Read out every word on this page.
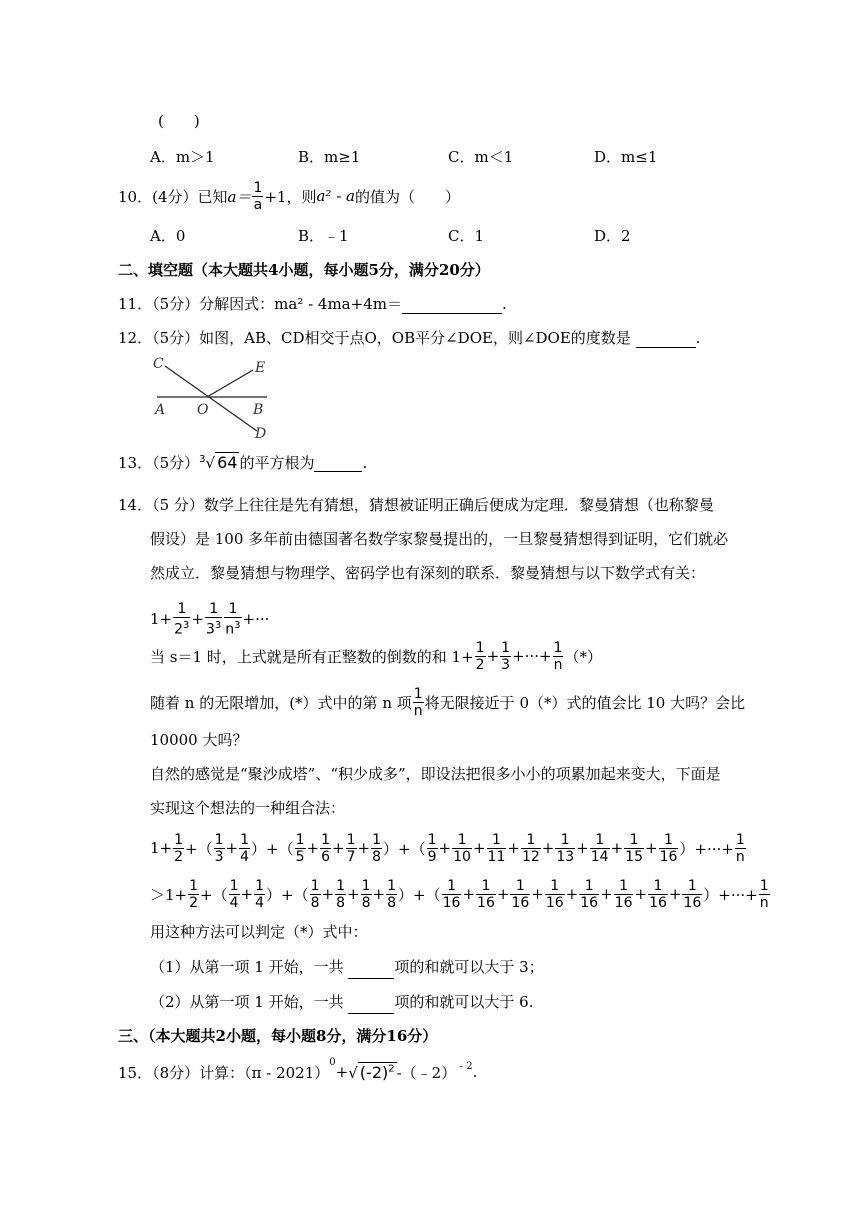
(　　)
A．m＞1	B．m≥1	C．m＜1	D．m≤1
10．(4分）已知 $a= \frac{1}{a} +1$，则 a² - a 的值为（　　）
A．0	B．﹣1	C．1	D．2
二、填空题（本大题共4小题，每小题5分，满分20分）
11．（5分）分解因式：ma² - 4ma+4m＝	.
12．（5分）如图，AB、CD相交于点O，OB平分∠DOE，则∠DOE的度数是	.
C	E
A O	B
D
13．（5分） $^3$√ 64 的平方根为
	.
14．（5 分）数学上往往是先有猜想，猜想被证明正确后便成为定理．黎曼猜想（也称黎曼
假设）是 100 多年前由德国著名数学家黎曼提出的，一旦黎曼猜想得到证明，它们就必
然成立．黎曼猜想与物理学、密码学也有深刻的联系．黎曼猜想与以下数学式有关：
$1+ \frac{1}{2^3} + \frac{1}{3^3} \frac{1}{n^3}$ +···
当 s＝1 时，上式就是所有正整数的倒数的和 $1+ \frac{1}{2} + \frac{1}{3}$ +···+ $\frac{1}{n}$ （*）
随着 n 的无限增加，(*）式中的第 n 项 $\frac{1}{n}$ 将无限接近于 0（*）式的值会比 10 大吗？会比
10000 大吗？
自然的感觉是“聚沙成塔”、“积少成多”，即设法把很多小小的项累加起来变大，下面是
实现这个想法的一种组合法：
$1+ \frac{1}{2}$ +（ $\frac{1}{3} + \frac{1}{4}$ ）+（ $\frac{1}{5} + \frac{1}{6} + \frac{1}{7} + \frac{1}{8}$ ）+（ $\frac{1}{9} + \frac{1}{10} + \frac{1}{11} + \frac{1}{12} + \frac{1}{13} + \frac{1}{14} + \frac{1}{15} + \frac{1}{16}$ ）+···+ $\frac{1}{n}$
$>1+ \frac{1}{2}$ +（ $\frac{1}{4} + \frac{1}{4}$ ）+（ $\frac{1}{8} + \frac{1}{8} + \frac{1}{8} + \frac{1}{8}$ ）+（ $\frac{1}{16} + \frac{1}{16} + \frac{1}{16} + \frac{1}{16} + \frac{1}{16} + \frac{1}{16} + \frac{1}{16} + \frac{1}{16}$ ）+···+ $\frac{1}{n}$
用这种方法可以判定（*）式中：
（1）从第一项 1 开始，一共	项的和就可以大于 3；
（2）从第一项 1 开始，一共	项的和就可以大于 6.
三、（本大题共2小题，每小题8分，满分16分）
15．（8分）计算：（π - 2021）
$^0$
+ √ $(-2)^2$ -（﹣2）$^{﹣2}$ .
